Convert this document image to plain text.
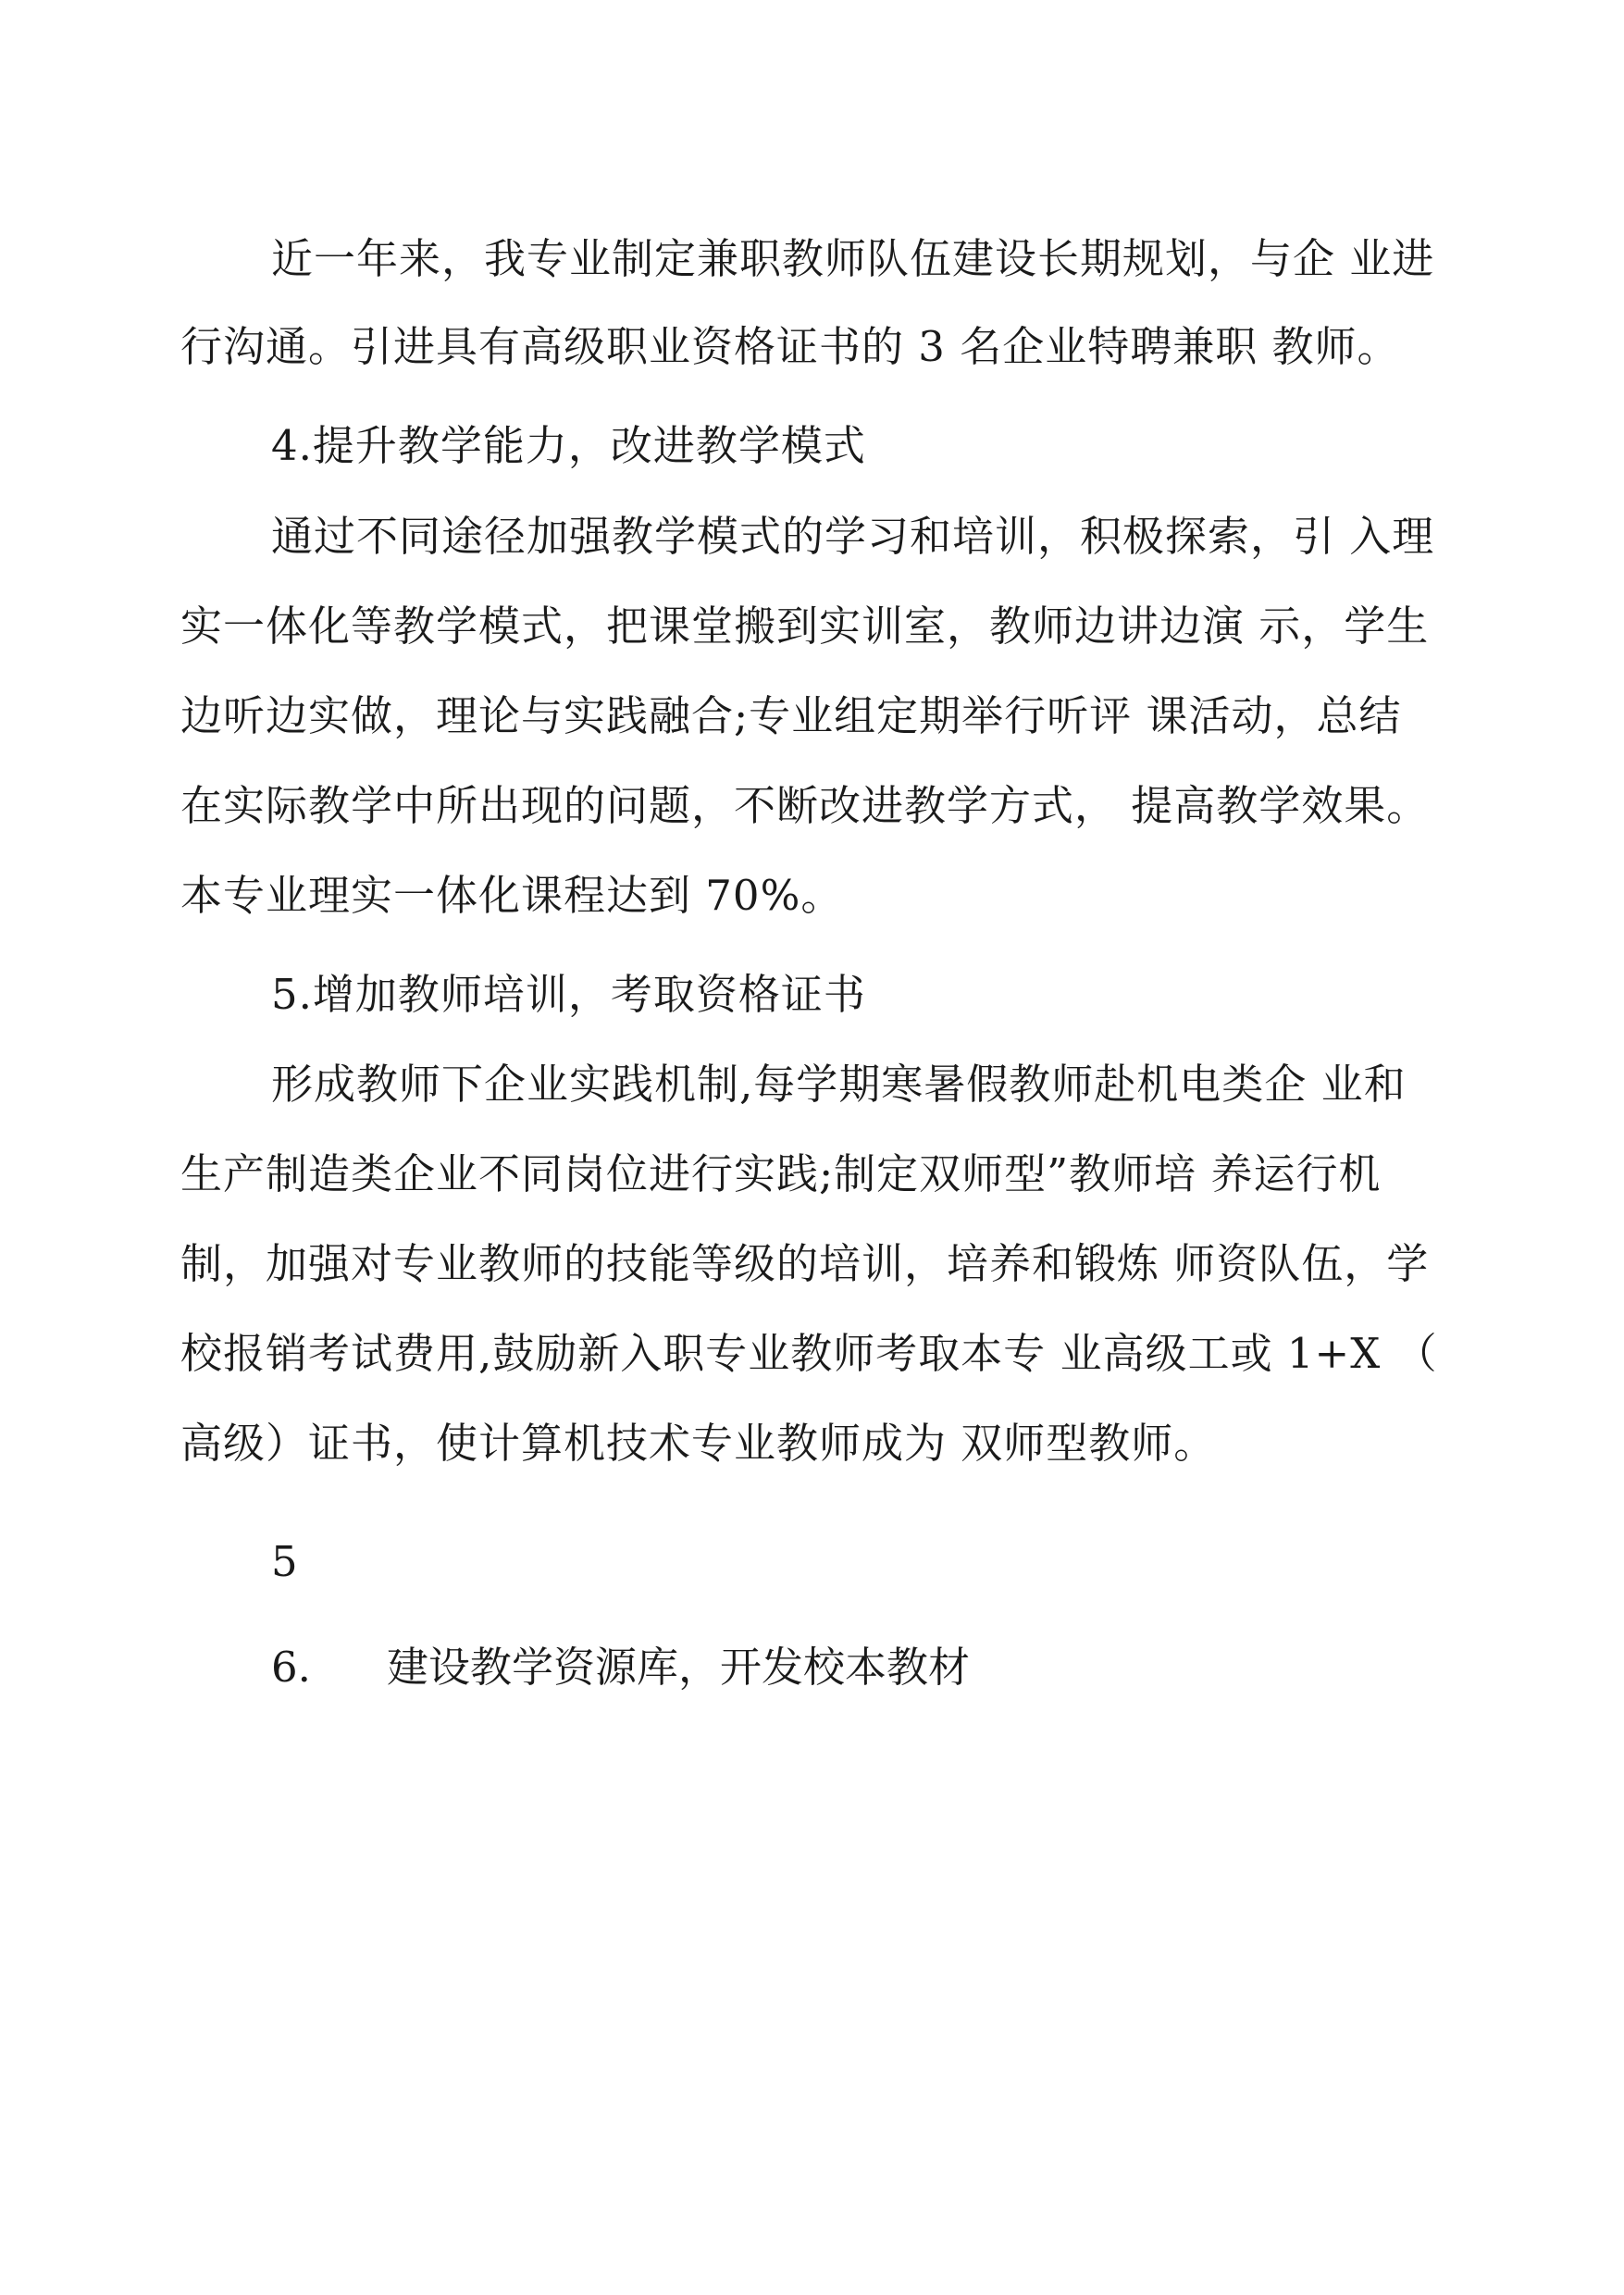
近一年来，我专业制定兼职教师队伍建设长期规划，与企 业进
行沟通。引进具有高级职业资格证书的 3 名企业特聘兼职 教师。
4.提升教学能力，改进教学模式
通过不同途径加强教学模式的学习和培训，积极探索，引 入理
实一体化等教学模式，把课堂搬到实训室，教师边讲边演 示，学生
边听边实做，理论与实践融合;专业组定期举行听评 课活动，总结
在实际教学中所出现的问题，不断改进教学方式， 提高教学效果。
本专业理实一体化课程达到 70%。
5.增加教师培训，考取资格证书
形成教师下企业实践机制,每学期寒暑假教师赴机电类企 业和
生产制造类企业不同岗位进行实践;制定双师型”教师培 养运行机
制，加强对专业教师的技能等级的培训，培养和锻炼 师资队伍，学
校报销考试费用,鼓励新入职专业教师考取本专 业高级工或 1+X （
高级）证书，使计算机技术专业教师成为 双师型教师。
5
6. 建设教学资源库，开发校本教材
